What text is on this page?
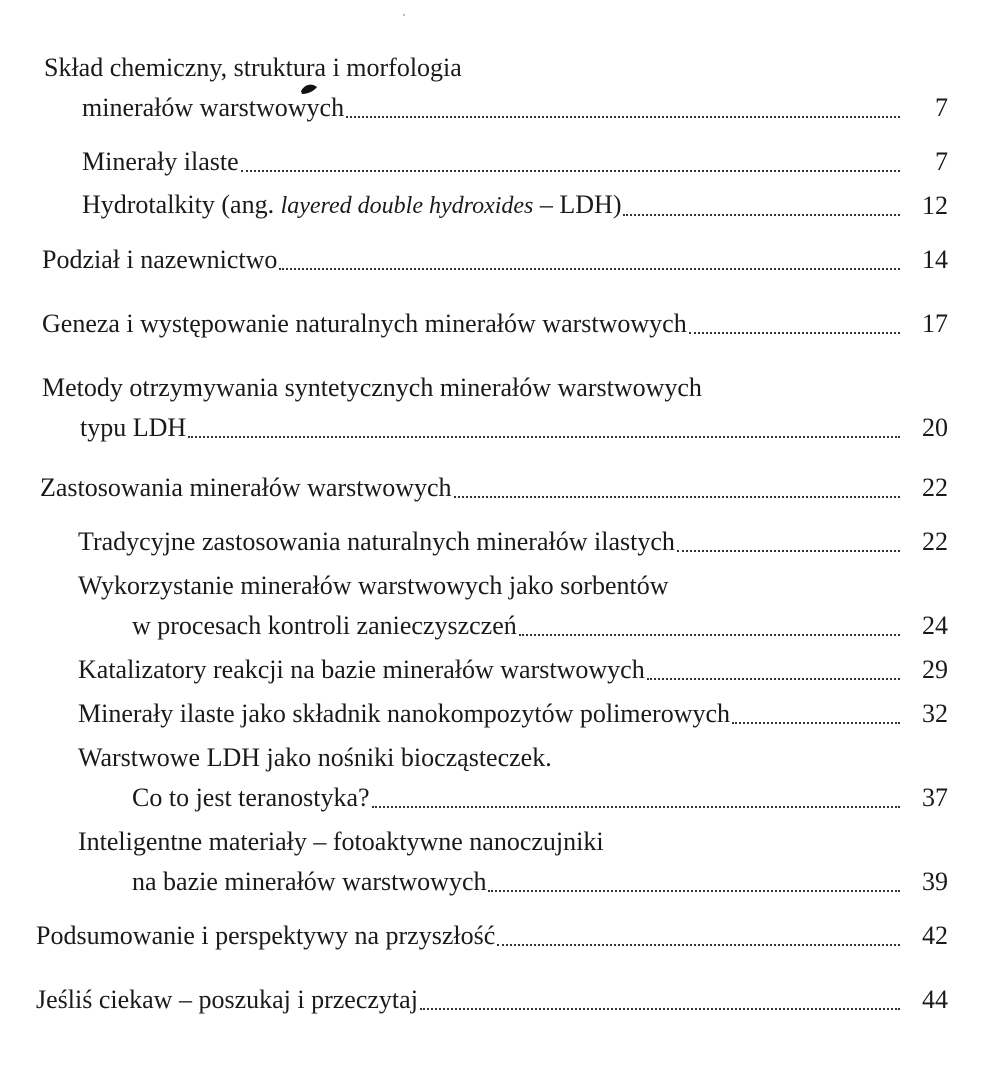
Skład chemiczny, struktura i morfologia
minerałów warstwowych	7
Minerały ilaste	7
Hydrotalkity (ang. layered double hydroxides – LDH)	12
Podział i nazewnictwo	14
Geneza i występowanie naturalnych minerałów warstwowych	17
Metody otrzymywania syntetycznych minerałów warstwowych
typu LDH	20
Zastosowania minerałów warstwowych	22
Tradycyjne zastosowania naturalnych minerałów ilastych	22
Wykorzystanie minerałów warstwowych jako sorbentów
w procesach kontroli zanieczyszczeń	24
Katalizatory reakcji na bazie minerałów warstwowych	29
Minerały ilaste jako składnik nanokompozytów polimerowych	32
Warstwowe LDH jako nośniki biocząsteczek.
Co to jest teranostyka?	37
Inteligentne materiały – fotoaktywne nanoczujniki
na bazie minerałów warstwowych	39
Podsumowanie i perspektywy na przyszłość	42
Jeśliś ciekaw – poszukaj i przeczytaj	44
